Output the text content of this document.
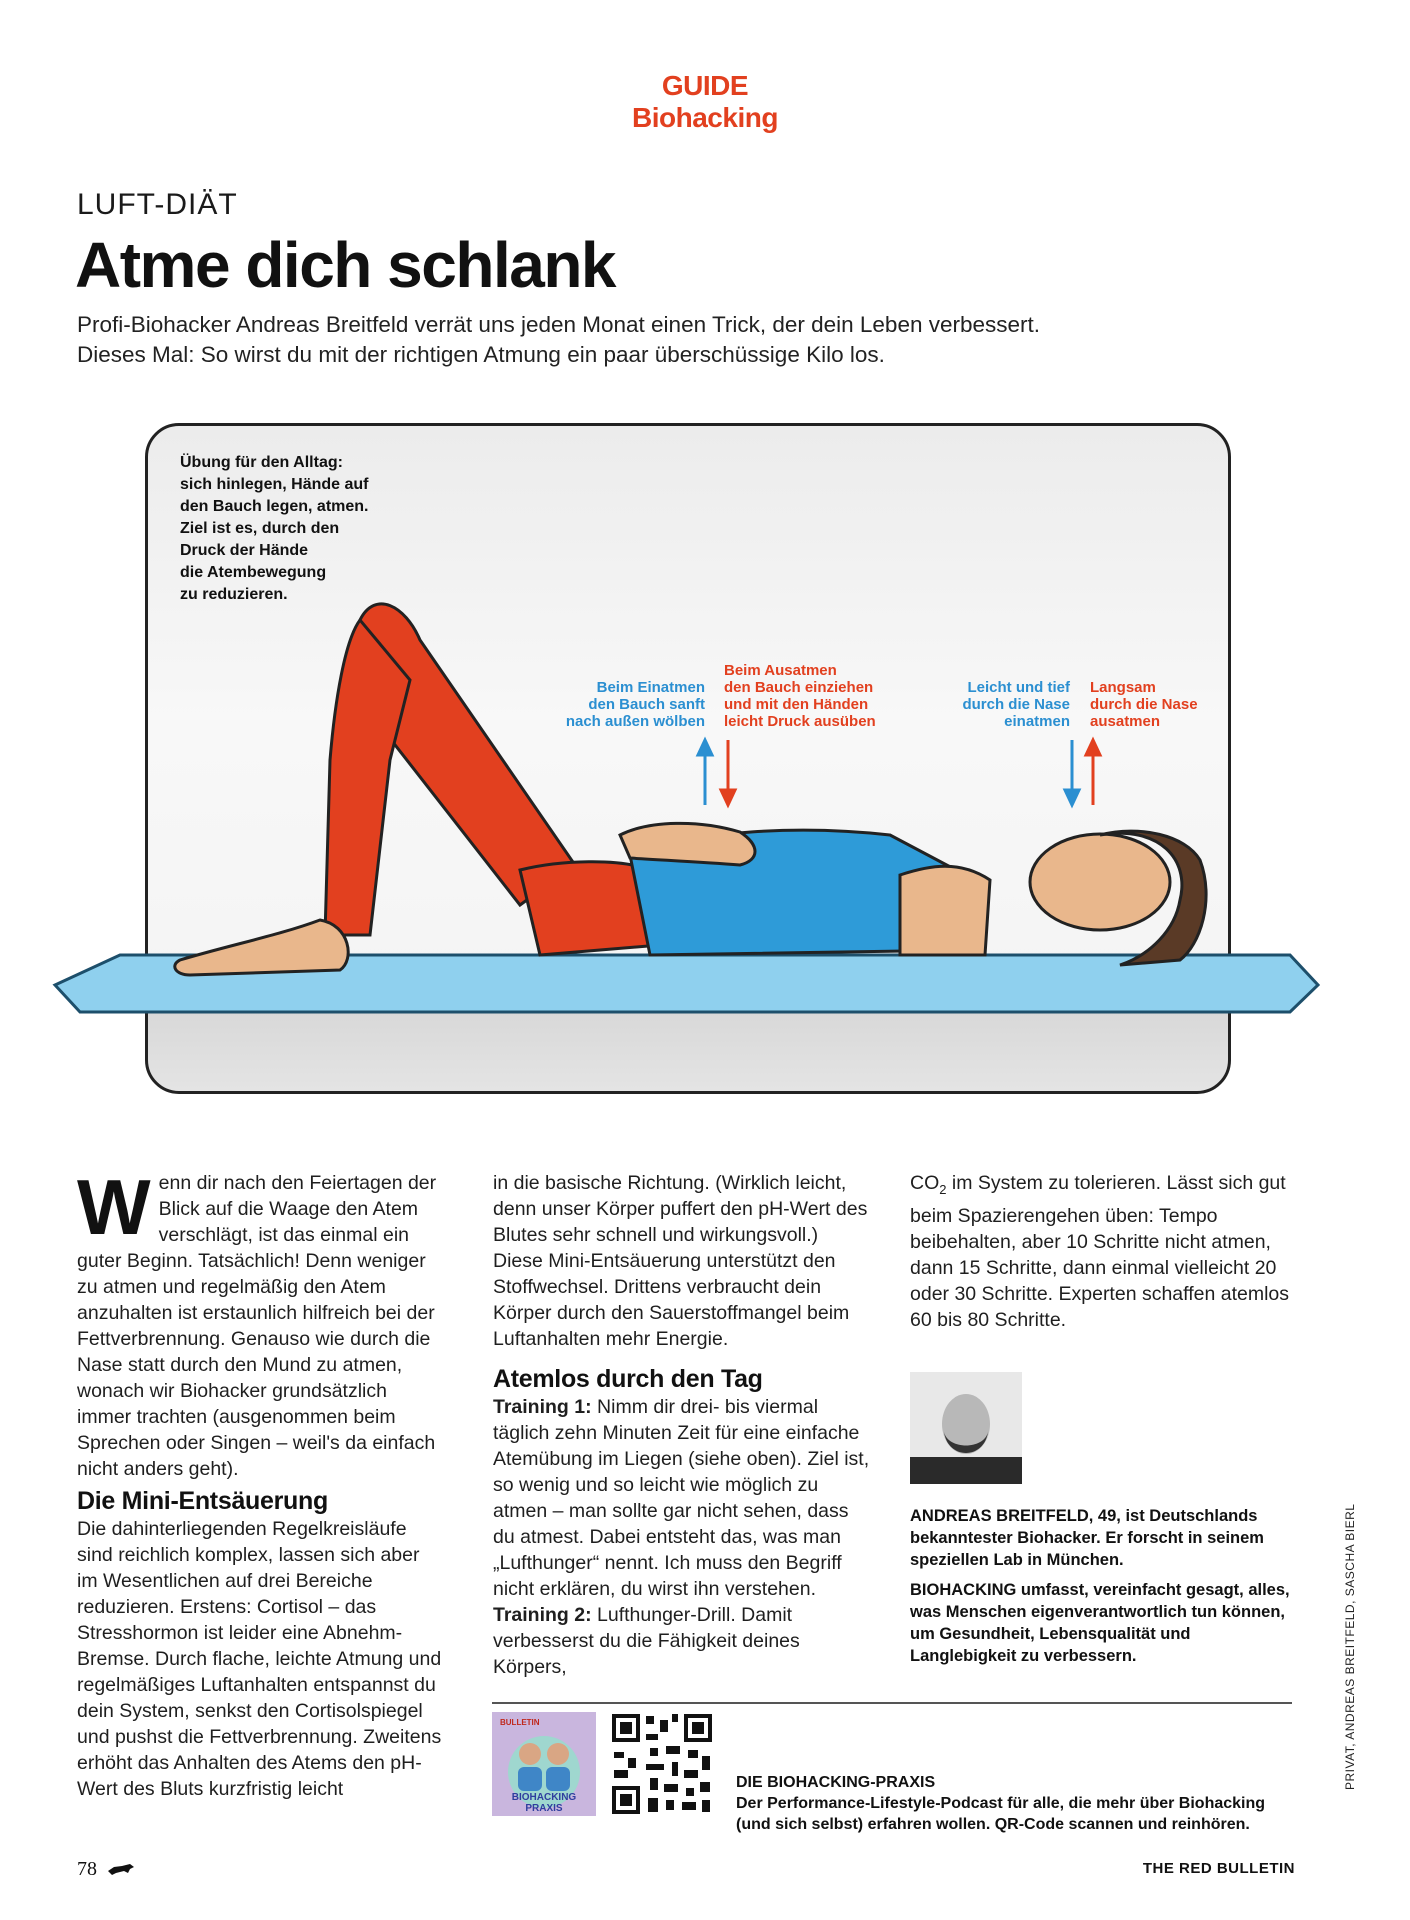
GUIDE
Biohacking
LUFT-DIÄT
Atme dich schlank
Profi-Biohacker Andreas Breitfeld verrät uns jeden Monat einen Trick, der dein Leben verbessert.
Dieses Mal: So wirst du mit der richtigen Atmung ein paar überschüssige Kilo los.
Übung für den Alltag:
sich hinlegen, Hände auf
den Bauch legen, atmen.
Ziel ist es, durch den
Druck der Hände
die Atembewegung
zu reduzieren.
Beim Einatmen
den Bauch sanft
nach außen wölben
Beim Ausatmen
den Bauch einziehen
und mit den Händen
leicht Druck ausüben
Leicht und tief
durch die Nase
einatmen
Langsam
durch die Nase
ausatmen

Wenn dir nach den Feiertagen der Blick auf die Waage den Atem verschlägt, ist das einmal ein guter Beginn. Tatsächlich! Denn weniger zu atmen und regelmäßig den Atem anzuhalten ist erstaunlich hilfreich bei der Fettverbrennung. Genauso wie durch die Nase statt durch den Mund zu atmen, wonach wir Biohacker grundsätzlich immer trachten (ausgenommen beim Sprechen oder Singen – weil's da einfach nicht anders geht).

Die Mini-Entsäuerung

Die dahinterliegenden Regelkreisläufe sind reichlich komplex, lassen sich aber im Wesentlichen auf drei Bereiche reduzieren. Erstens: Cortisol – das Stresshormon ist leider eine Abnehm-Bremse. Durch flache, leichte Atmung und regelmäßiges Luftanhalten entspannst du dein System, senkst den Cortisolspiegel und pushst die Fettverbrennung. Zweitens erhöht das Anhalten des Atems den pH-Wert des Bluts kurzfristig leicht

in die basische Richtung. (Wirklich leicht, denn unser Körper puffert den pH-Wert des Blutes sehr schnell und wirkungsvoll.) Diese Mini-Entsäuerung unterstützt den Stoffwechsel. Drittens verbraucht dein Körper durch den Sauerstoffmangel beim Luftanhalten mehr Energie.

Atemlos durch den Tag

Training 1: Nimm dir drei- bis viermal täglich zehn Minuten Zeit für eine einfache Atemübung im Liegen (siehe oben). Ziel ist, so wenig und so leicht wie möglich zu atmen – man sollte gar nicht sehen, dass du atmest. Dabei entsteht das, was man „Lufthunger“ nennt. Ich muss den Begriff nicht erklären, du wirst ihn verstehen.

Training 2: Lufthunger-Drill. Damit verbesserst du die Fähigkeit deines Körpers,

$CO_2$ im System zu tolerieren. Lässt sich gut beim Spazierengehen üben: Tempo beibehalten, aber 10 Schritte nicht atmen, dann 15 Schritte, dann einmal vielleicht 20 oder 30 Schritte. Experten schaffen atemlos 60 bis 80 Schritte.

ANDREAS BREITFELD, 49, ist Deutschlands bekanntester Biohacker. Er forscht in seinem speziellen Lab in München.

BIOHACKING umfasst, vereinfacht gesagt, alles, was Menschen eigenverantwortlich tun können, um Gesundheit, Lebensqualität und Langlebigkeit zu verbessern.

BULLETIN
BIOHACKING PRAXIS
DIE BIOHACKING-PRAXIS
Der Performance-Lifestyle-Podcast für alle, die mehr über Biohacking (und sich selbst) erfahren wollen. QR-Code scannen und reinhören.
PRIVAT, ANDREAS BREITFELD, SASCHA BIERL
78	THE RED BULLETIN
